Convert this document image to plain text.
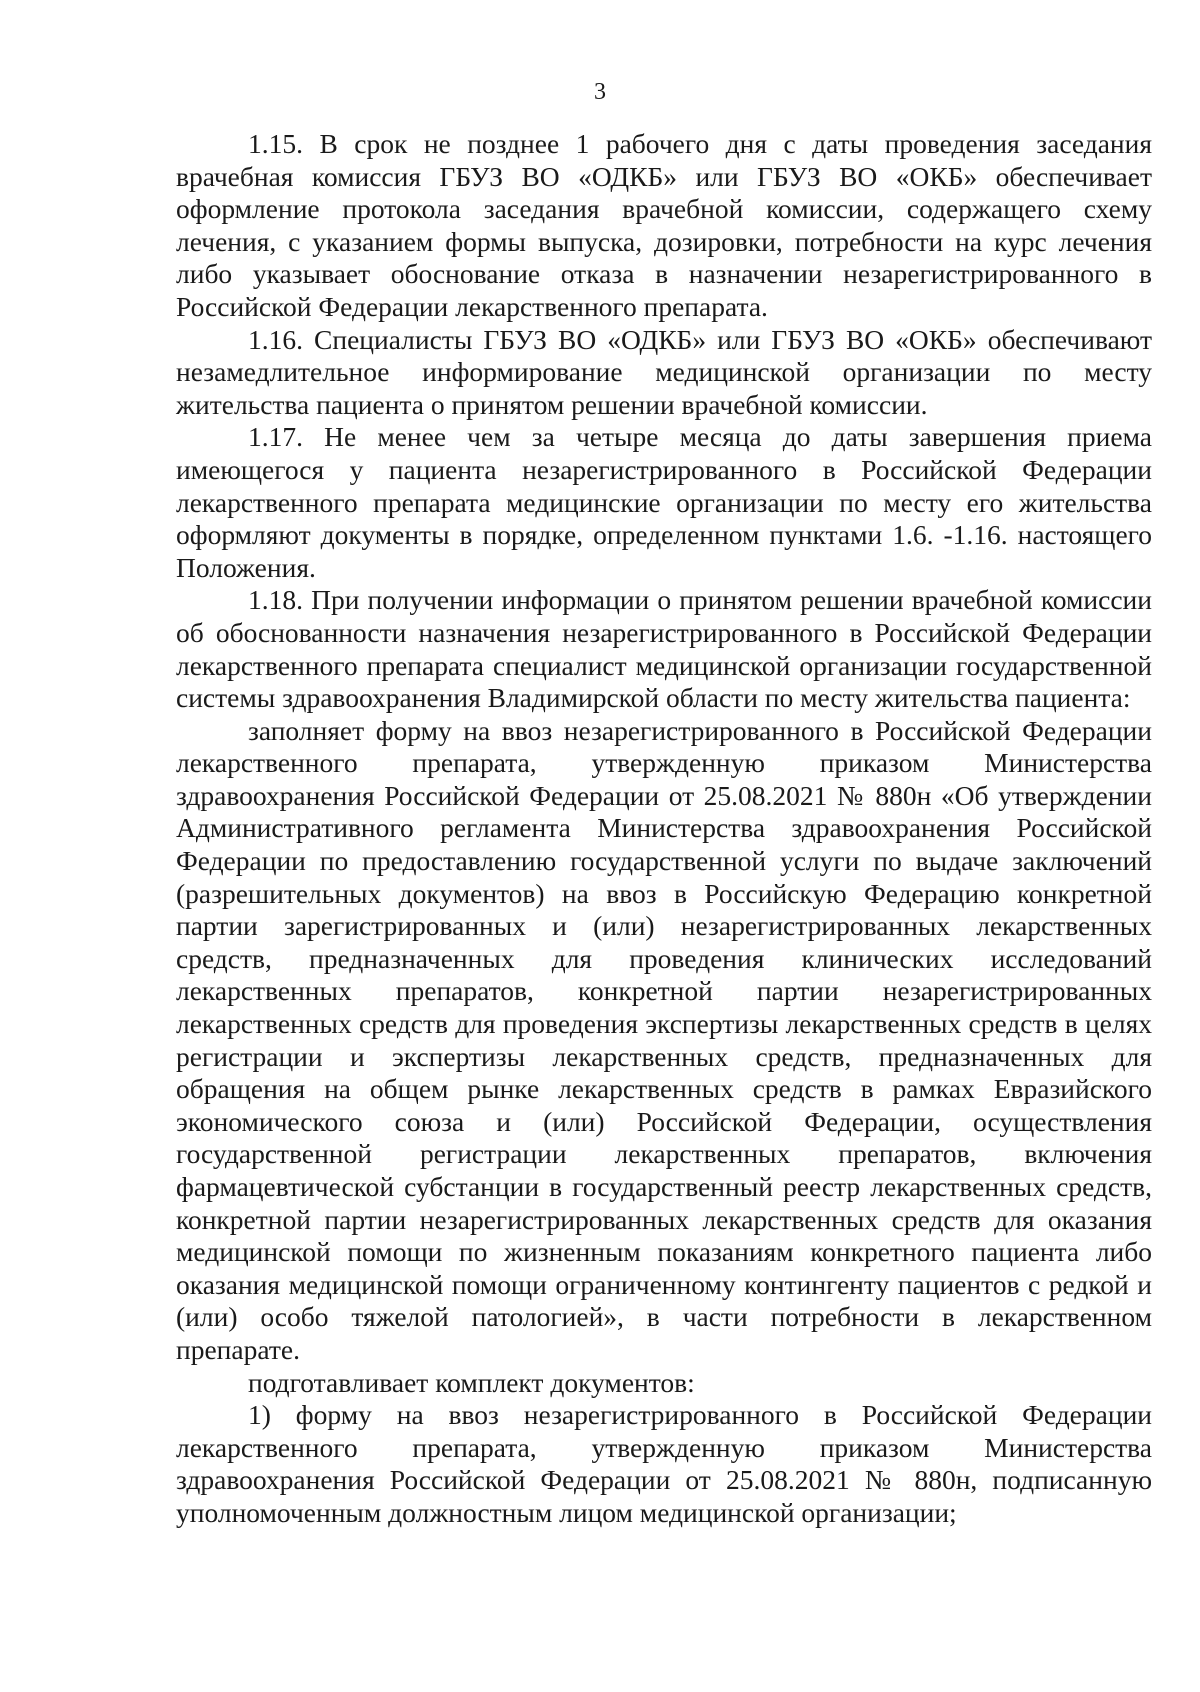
3

1.15. В срок не позднее 1 рабочего дня с даты проведения заседания врачебная комиссия ГБУЗ ВО «ОДКБ» или ГБУЗ ВО «ОКБ» обеспечивает оформление протокола заседания врачебной комиссии, содержащего схему лечения, с указанием формы выпуска, дозировки, потребности на курс лечения либо указывает обоснование отказа в назначении незарегистрированного в Российской Федерации лекарственного препарата.

1.16. Специалисты ГБУЗ ВО «ОДКБ» или ГБУЗ ВО «ОКБ» обеспечивают незамедлительное информирование медицинской организации по месту жительства пациента о принятом решении врачебной комиссии.

1.17. Не менее чем за четыре месяца до даты завершения приема имеющегося у пациента незарегистрированного в Российской Федерации лекарственного препарата медицинские организации по месту его жительства оформляют документы в порядке, определенном пунктами 1.6. -1.16. настоящего Положения.

1.18. При получении информации о принятом решении врачебной комиссии об обоснованности назначения незарегистрированного в Российской Федерации лекарственного препарата специалист медицинской организации государственной системы здравоохранения Владимирской области по месту жительства пациента:

заполняет форму на ввоз незарегистрированного в Российской Федерации лекарственного препарата, утвержденную приказом Министерства здравоохранения Российской Федерации от 25.08.2021 № 880н «Об утверждении Административного регламента Министерства здравоохранения Российской Федерации по предоставлению государственной услуги по выдаче заключений (разрешительных документов) на ввоз в Российскую Федерацию конкретной партии зарегистрированных и (или) незарегистрированных лекарственных средств, предназначенных для проведения клинических исследований лекарственных препаратов, конкретной партии незарегистрированных лекарственных средств для проведения экспертизы лекарственных средств в целях регистрации и экспертизы лекарственных средств, предназначенных для обращения на общем рынке лекарственных средств в рамках Евразийского экономического союза и (или) Российской Федерации, осуществления государственной регистрации лекарственных препаратов, включения фармацевтической субстанции в государственный реестр лекарственных средств, конкретной партии незарегистрированных лекарственных средств для оказания медицинской помощи по жизненным показаниям конкретного пациента либо оказания медицинской помощи ограниченному контингенту пациентов с редкой и (или) особо тяжелой патологией», в части потребности в лекарственном препарате.

подготавливает комплект документов:

1) форму на ввоз незарегистрированного в Российской Федерации лекарственного препарата, утвержденную приказом Министерства здравоохранения Российской Федерации от 25.08.2021 № 880н, подписанную уполномоченным должностным лицом медицинской организации;
